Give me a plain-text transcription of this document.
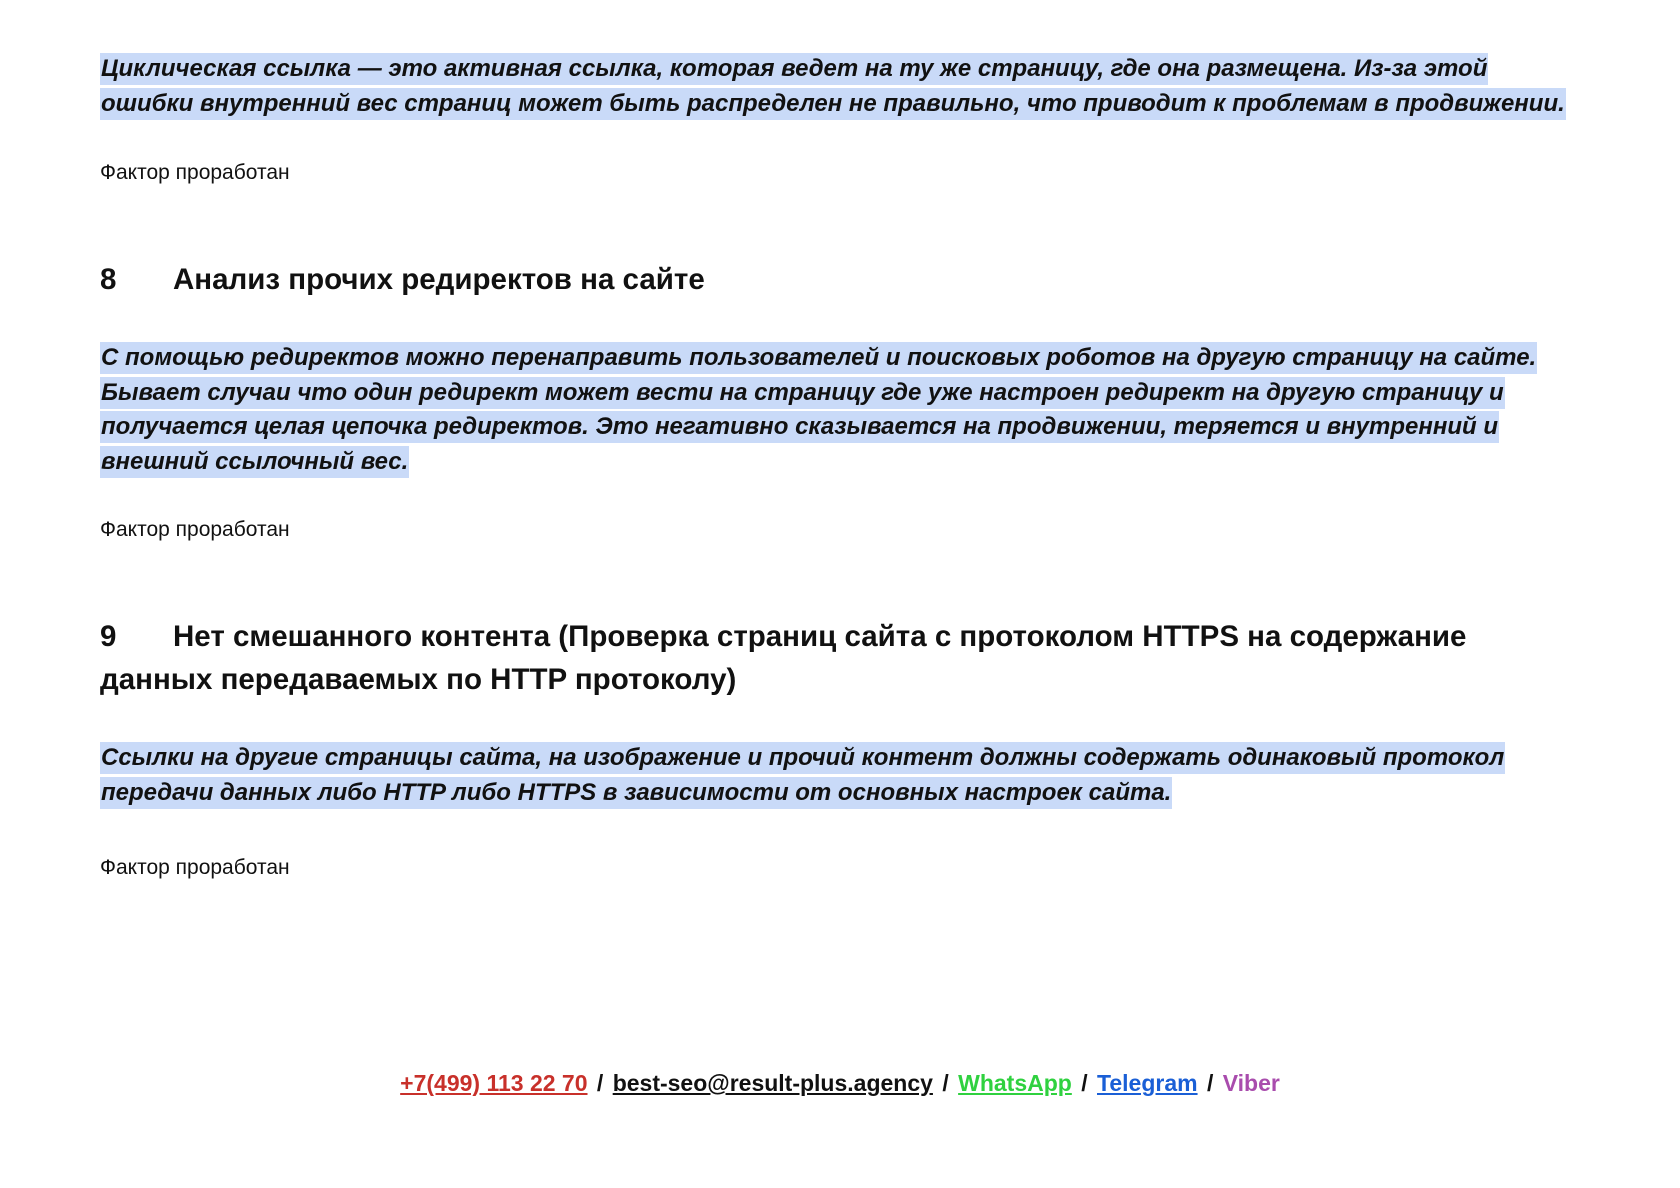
Циклическая ссылка — это активная ссылка, которая ведет на ту же страницу, где она размещена. Из-за этой ошибки внутренний вес страниц может быть распределен не правильно, что приводит к проблемам в продвижении.

Фактор проработан

8 Анализ прочих редиректов на сайте

С помощью редиректов можно перенаправить пользователей и поисковых роботов на другую страницу на сайте. Бывает случаи что один редирект может вести на страницу где уже настроен редирект на другую страницу и получается целая цепочка редиректов. Это негативно сказывается на продвижении, теряется и внутренний и внешний ссылочный вес.

Фактор проработан

9 Нет смешанного контента (Проверка страниц сайта с протоколом HTTPS на содержание данных передаваемых по HTTP протоколу)

Ссылки на другие страницы сайта, на изображение и прочий контент должны содержать одинаковый протокол передачи данных либо HTTP либо HTTPS в зависимости от основных настроек сайта.

Фактор проработан

+7(499) 113 22 70 / best-seo@result-plus.agency / WhatsApp / Telegram / Viber
